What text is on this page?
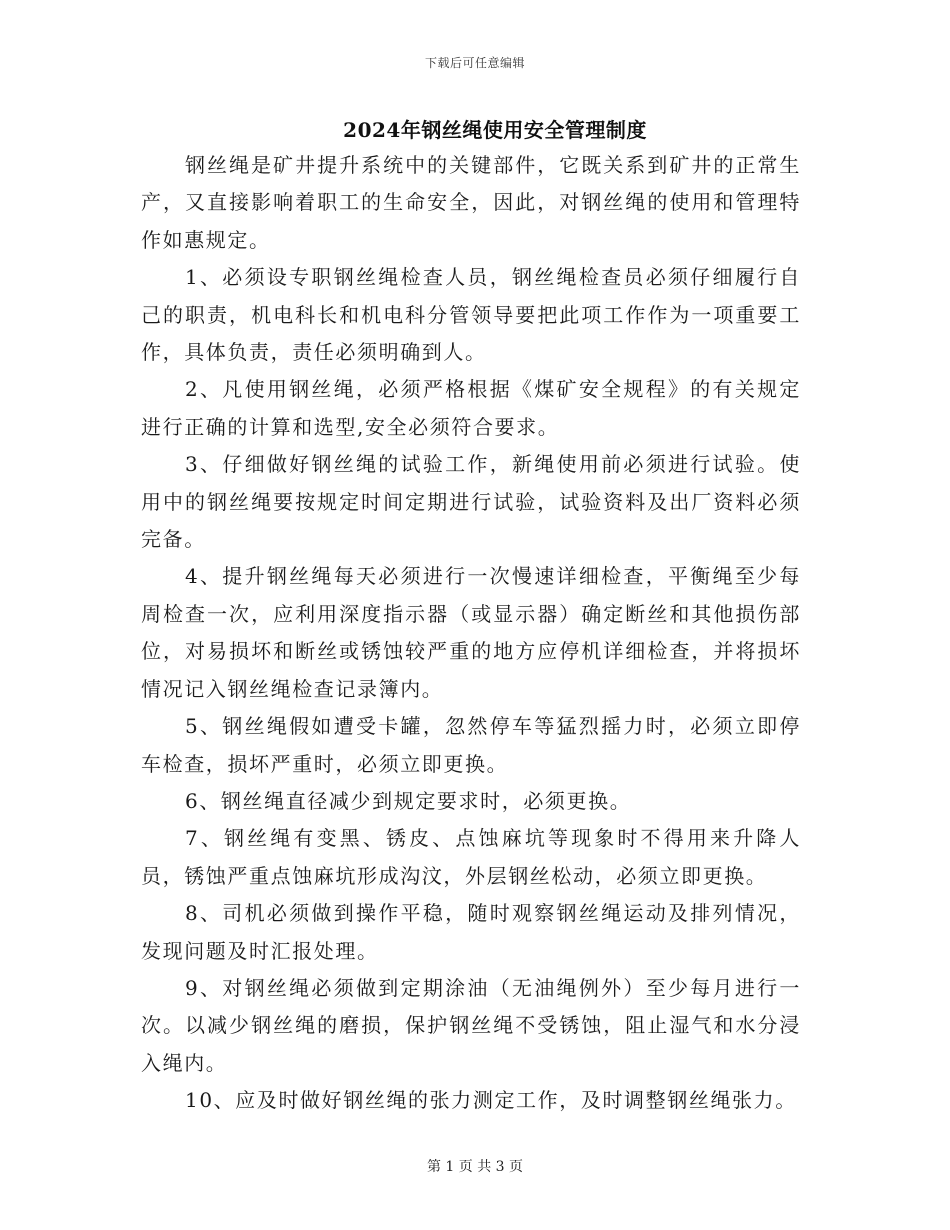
下载后可任意编辑
2024年钢丝绳使用安全管理制度

钢丝绳是矿井提升系统中的关键部件，它既关系到矿井的正常生产，又直接影响着职工的生命安全，因此，对钢丝绳的使用和管理特作如惠规定。

1、必须设专职钢丝绳检查人员，钢丝绳检查员必须仔细履行自己的职责，机电科长和机电科分管领导要把此项工作作为一项重要工作，具体负责，责任必须明确到人。

2、凡使用钢丝绳，必须严格根据《煤矿安全规程》的有关规定进行正确的计算和选型,安全必须符合要求。

3、仔细做好钢丝绳的试验工作，新绳使用前必须进行试验。使用中的钢丝绳要按规定时间定期进行试验，试验资料及出厂资料必须完备。

4、提升钢丝绳每天必须进行一次慢速详细检查，平衡绳至少每周检查一次，应利用深度指示器（或显示器）确定断丝和其他损伤部位，对易损坏和断丝或锈蚀较严重的地方应停机详细检查，并将损坏情况记入钢丝绳检查记录簿内。

5、钢丝绳假如遭受卡罐，忽然停车等猛烈摇力时，必须立即停车检查，损坏严重时，必须立即更换。

6、钢丝绳直径减少到规定要求时，必须更换。

7、钢丝绳有变黑、锈皮、点蚀麻坑等现象时不得用来升降人员，锈蚀严重点蚀麻坑形成沟汶，外层钢丝松动，必须立即更换。

8、司机必须做到操作平稳，随时观察钢丝绳运动及排列情况，发现问题及时汇报处理。

9、对钢丝绳必须做到定期涂油（无油绳例外）至少每月进行一次。以减少钢丝绳的磨损，保护钢丝绳不受锈蚀，阻止湿气和水分浸入绳内。

10、应及时做好钢丝绳的张力测定工作，及时调整钢丝绳张力。

第 1 页 共 3 页
